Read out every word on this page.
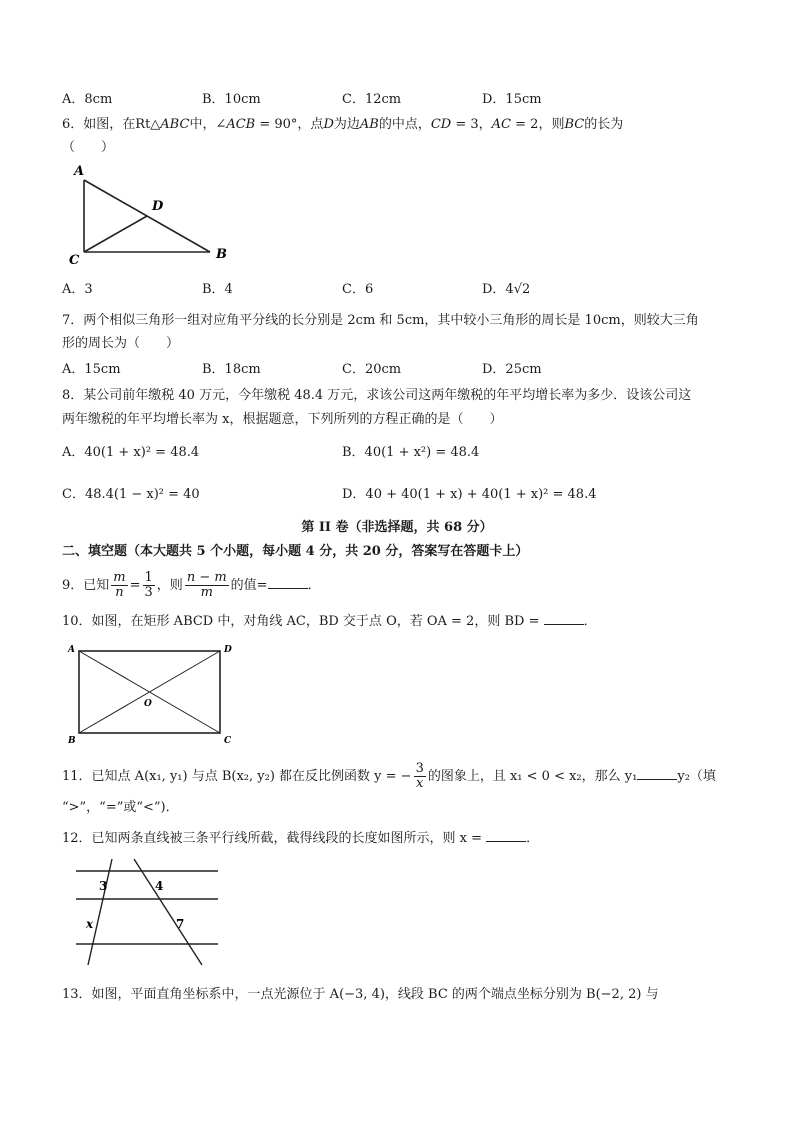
A．8cm	B．10cm	C．12cm	D．15cm
6．如图，在Rt△ABC中，∠ACB = 90°，点D为边AB的中点，CD = 3，AC = 2，则BC的长为
（　　）
A
D
C	B
A．3	B．4	C．6	D．4√2
7．两个相似三角形一组对应角平分线的长分别是 2cm 和 5cm，其中较小三角形的周长是 10cm，则较大三角
形的周长为（　　）
A．15cm	B．18cm	C．20cm	D．25cm
8．某公司前年缴税 40 万元，今年缴税 48.4 万元，求该公司这两年缴税的年平均增长率为多少．设该公司这
两年缴税的年平均增长率为 x，根据题意，下列所列的方程正确的是（　　）
A．40(1 + x)² = 48.4	B．40(1 + x²) = 48.4
C．48.4(1 − x)² = 40	D．40 + 40(1 + x) + 40(1 + x)² = 48.4
第 II 卷（非选择题，共 68 分）
二、填空题（本大题共 5 个小题，每小题 4 分，共 20 分，答案写在答题卡上）
9．已知 $\frac{m}{n} = \frac{1}{3}$ ，则 $\frac{n - m}{m}$ 的值=	．
10．如图，在矩形 ABCD 中，对角线 AC，BD 交于点 O，若 OA = 2，则 BD =	．
A	D
O
B	C
11．已知点 A(x₁, y₁) 与点 B(x₂, y₂) 都在反比例函数 y = − $\frac{3}{x}$ 的图象上，且 x₁ < 0 < x₂，那么 y₁	y₂（填
“>”，“=”或“<”)．
12．已知两条直线被三条平行线所截，截得线段的长度如图所示，则 x =	．
3	4
x	7
13．如图，平面直角坐标系中，一点光源位于 A(−3, 4)，线段 BC 的两个端点坐标分别为 B(−2, 2) 与
